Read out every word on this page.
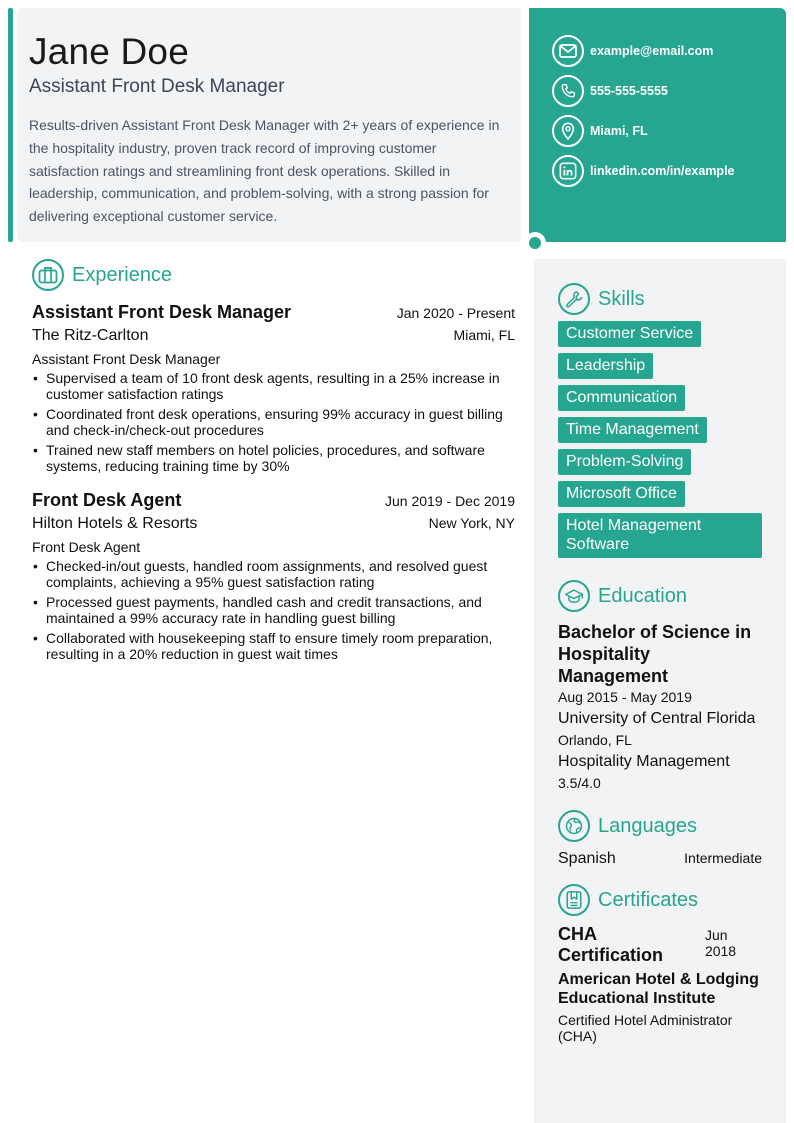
Jane Doe
Assistant Front Desk Manager

Results-driven Assistant Front Desk Manager with 2+ years of experience in the hospitality industry, proven track record of improving customer satisfaction ratings and streamlining front desk operations. Skilled in leadership, communication, and problem-solving, with a strong passion for delivering exceptional customer service.

example@email.com
555-555-5555
Miami, FL
linkedin.com/in/example
Experience
Assistant Front Desk Manager	Jan 2020 - Present
The Ritz-Carlton	Miami, FL
Assistant Front Desk Manager
• Supervised a team of 10 front desk agents, resulting in a 25% increase in customer satisfaction ratings
• Coordinated front desk operations, ensuring 99% accuracy in guest billing and check-in/check-out procedures
• Trained new staff members on hotel policies, procedures, and software systems, reducing training time by 30%
Front Desk Agent	Jun 2019 - Dec 2019
Hilton Hotels & Resorts	New York, NY
Front Desk Agent
• Checked-in/out guests, handled room assignments, and resolved guest complaints, achieving a 95% guest satisfaction rating
• Processed guest payments, handled cash and credit transactions, and maintained a 99% accuracy rate in handling guest billing
• Collaborated with housekeeping staff to ensure timely room preparation, resulting in a 20% reduction in guest wait times
Skills
Customer Service
Leadership
Communication
Time Management
Problem-Solving
Microsoft Office
Hotel Management Software
Education
Bachelor of Science in Hospitality Management
Aug 2015 - May 2019
University of Central Florida
Orlando, FL
Hospitality Management
3.5/4.0
Languages
Spanish	Intermediate
Certificates
CHA Certification
Jun 2018
American Hotel & Lodging Educational Institute
Certified Hotel Administrator (CHA)
